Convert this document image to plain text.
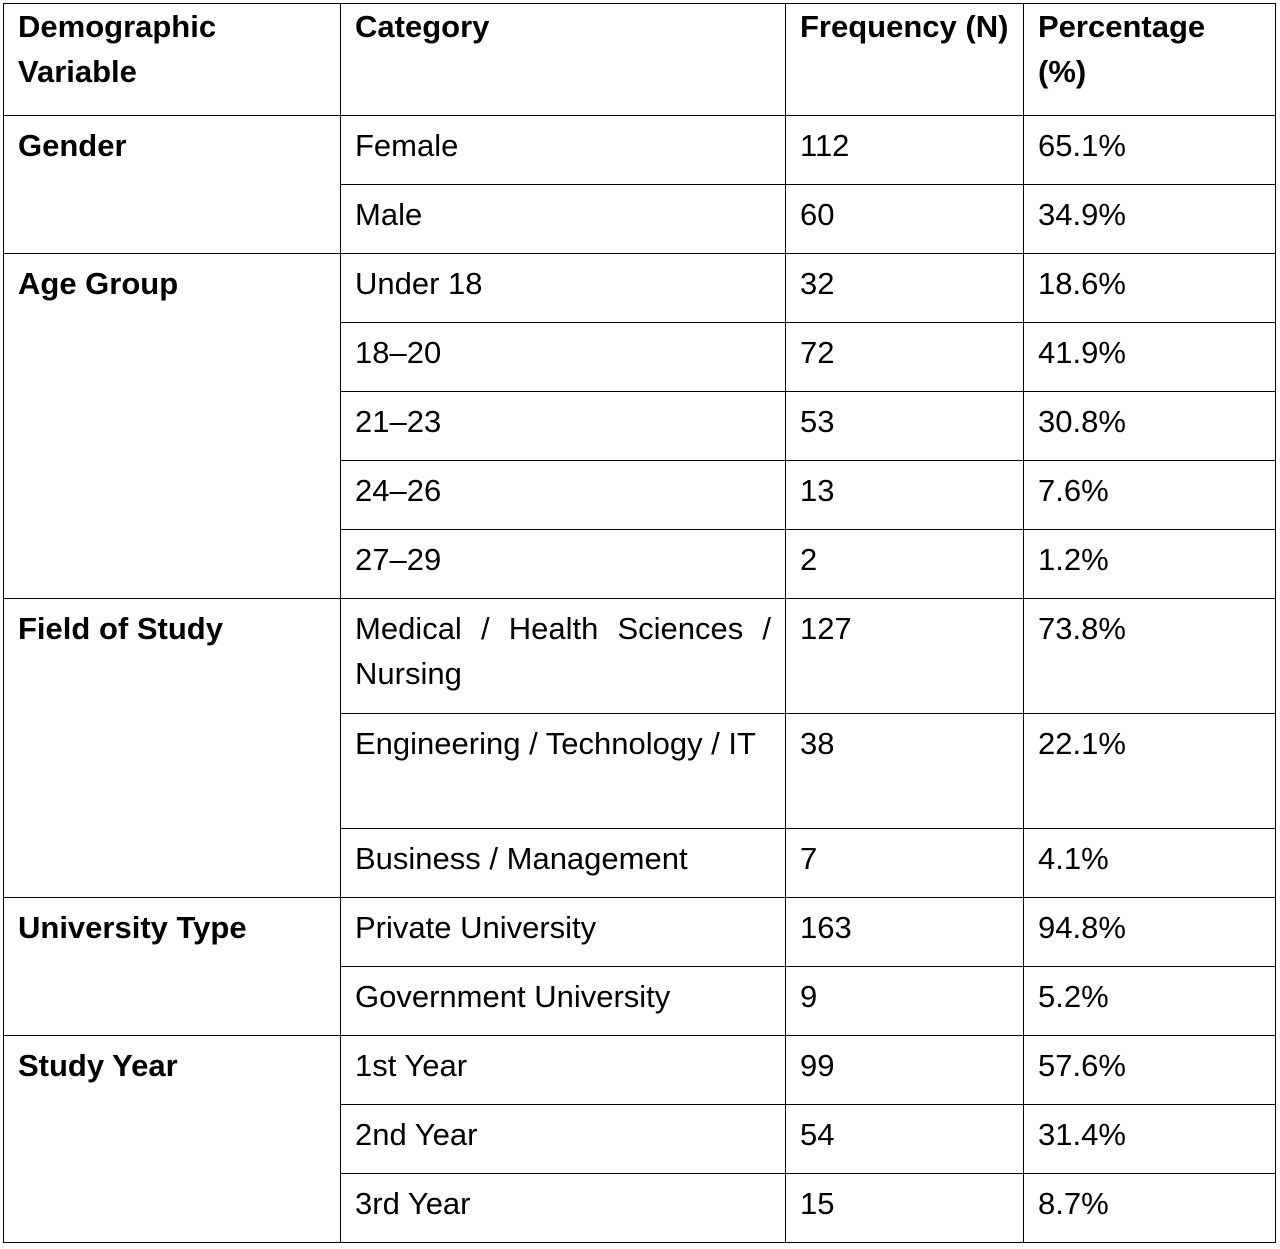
Demographic Variable	Category	Frequency (N)	Percentage (%)
Gender	Female	112	65.1%
	Male	60	34.9%
Age Group	Under 18	32	18.6%
	18–20	72	41.9%
	21–23	53	30.8%
	24–26	13	7.6%
	27–29	2	1.2%
Field of Study	Medical / Health Sciences / Nursing	127	73.8%
	Engineering / Technology / IT	38	22.1%
	Business / Management	7	4.1%
University Type	Private University	163	94.8%
	Government University	9	5.2%
Study Year	1st Year	99	57.6%
	2nd Year	54	31.4%
	3rd Year	15	8.7%
